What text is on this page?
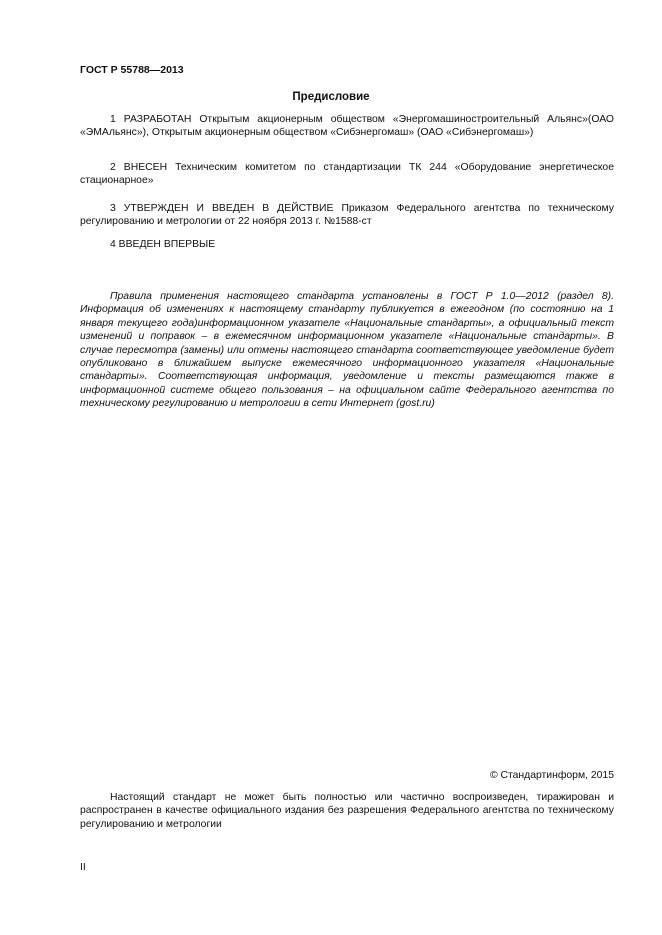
ГОСТ Р 55788—2013
Предисловие
1 РАЗРАБОТАН Открытым акционерным обществом «Энергомашиностроительный Альянс»(ОАО «ЭМАльянс»), Открытым акционерным обществом «Сибэнергомаш» (ОАО «Сибэнергомаш»)
2 ВНЕСЕН Техническим комитетом по стандартизации ТК 244 «Оборудование энергетическое стационарное»
3 УТВЕРЖДЕН И ВВЕДЕН В ДЕЙСТВИЕ Приказом Федерального агентства по техническому регулированию и метрологии от 22 ноября 2013 г. №1588-ст
4 ВВЕДЕН ВПЕРВЫЕ
Правила применения настоящего стандарта установлены в ГОСТ Р 1.0—2012 (раздел 8). Информация об изменениях к настоящему стандарту публикуется в ежегодном (по состоянию на 1 января текущего года)информационном указателе «Национальные стандарты», а официальный текст изменений и поправок – в ежемесячном информационном указателе «Национальные стандарты». В случае пересмотра (замены) или отмены настоящего стандарта соответствующее уведомление будет опубликовано в ближайшем выпуске ежемесячного информационного указателя «Национальные стандарты». Соответствующая информация, уведомление и тексты размещаются также в информационной системе общего пользования – на официальном сайте Федерального агентства по техническому регулированию и метрологии в сети Интернет (gost.ru)
© Стандартинформ, 2015
Настоящий стандарт не может быть полностью или частично воспроизведен, тиражирован и распространен в качестве официального издания без разрешения Федерального агентства по техническому регулированию и метрологии
II
